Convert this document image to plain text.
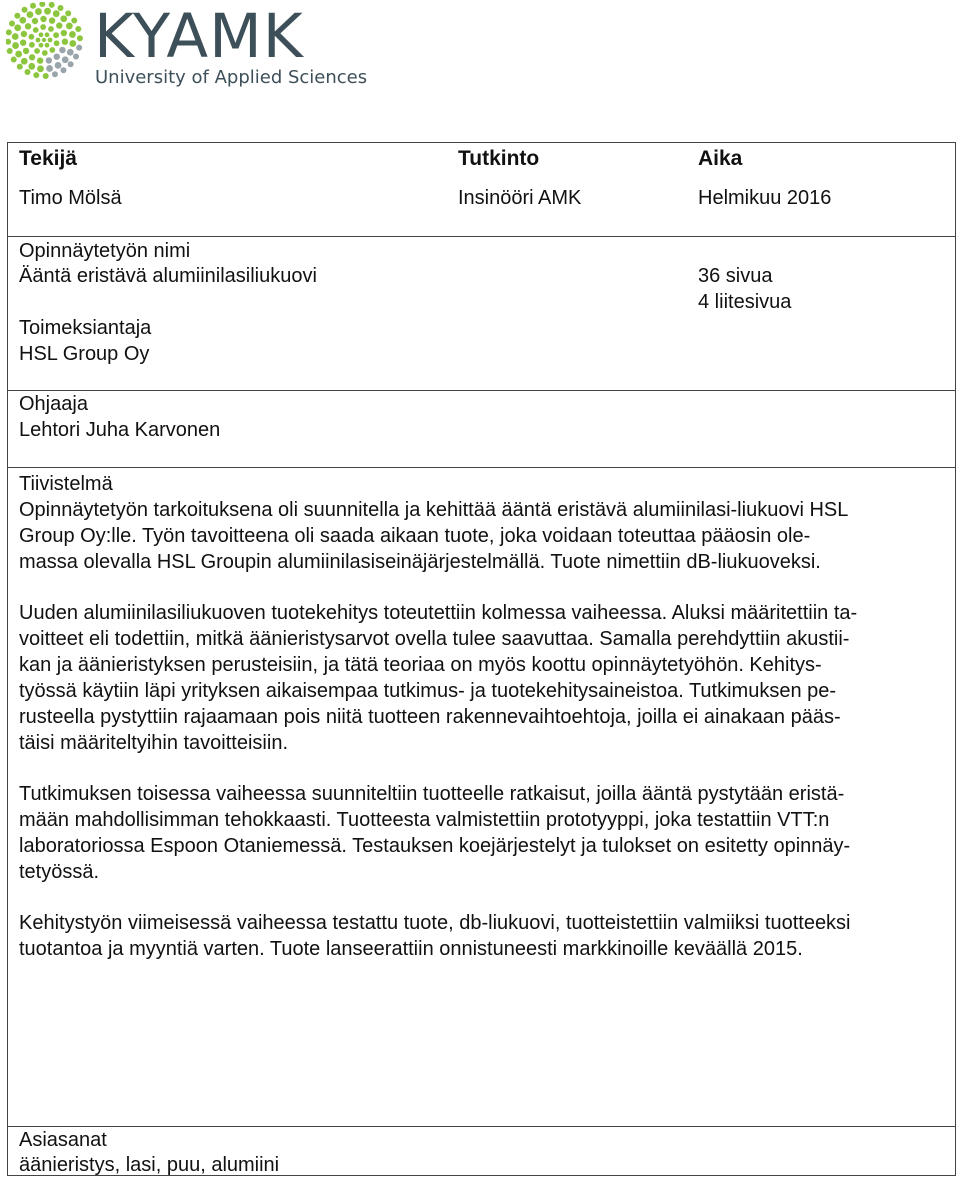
KYAMK
University of Applied Sciences
Tekijä
Timo Mölsä
Tutkinto
Insinööri AMK
Aika
Helmikuu 2016
Opinnäytetyön nimi
Ääntä eristävä alumiinilasiliukuovi	36 sivua
4 liitesivua
Toimeksiantaja
HSL Group Oy
Ohjaaja
Lehtori Juha Karvonen
Tiivistelmä

Opinnäytetyön tarkoituksena oli suunnitella ja kehittää ääntä eristävä alumiinilasi-liukuovi HSL
Group Oy:lle. Työn tavoitteena oli saada aikaan tuote, joka voidaan toteuttaa pääosin ole-
massa olevalla HSL Groupin alumiinilasiseinäjärjestelmällä. Tuote nimettiin dB-liukuoveksi.

Uuden alumiinilasiliukuoven tuotekehitys toteutettiin kolmessa vaiheessa. Aluksi määritettiin ta-
voitteet eli todettiin, mitkä äänieristysarvot ovella tulee saavuttaa. Samalla perehdyttiin akustii-
kan ja äänieristyksen perusteisiin, ja tätä teoriaa on myös koottu opinnäytetyöhön. Kehitys-
työssä käytiin läpi yrityksen aikaisempaa tutkimus- ja tuotekehitysaineistoa. Tutkimuksen pe-
rusteella pystyttiin rajaamaan pois niitä tuotteen rakennevaihtoehtoja, joilla ei ainakaan pääs-
täisi määriteltyihin tavoitteisiin.

Tutkimuksen toisessa vaiheessa suunniteltiin tuotteelle ratkaisut, joilla ääntä pystytään eristä-
mään mahdollisimman tehokkaasti. Tuotteesta valmistettiin prototyyppi, joka testattiin VTT:n
laboratoriossa Espoon Otaniemessä. Testauksen koejärjestelyt ja tulokset on esitetty opinnäy-
tetyössä.

Kehitystyön viimeisessä vaiheessa testattu tuote, db-liukuovi, tuotteistettiin valmiiksi tuotteeksi
tuotantoa ja myyntiä varten. Tuote lanseerattiin onnistuneesti markkinoille keväällä 2015.

Asiasanat
äänieristys, lasi, puu, alumiini
